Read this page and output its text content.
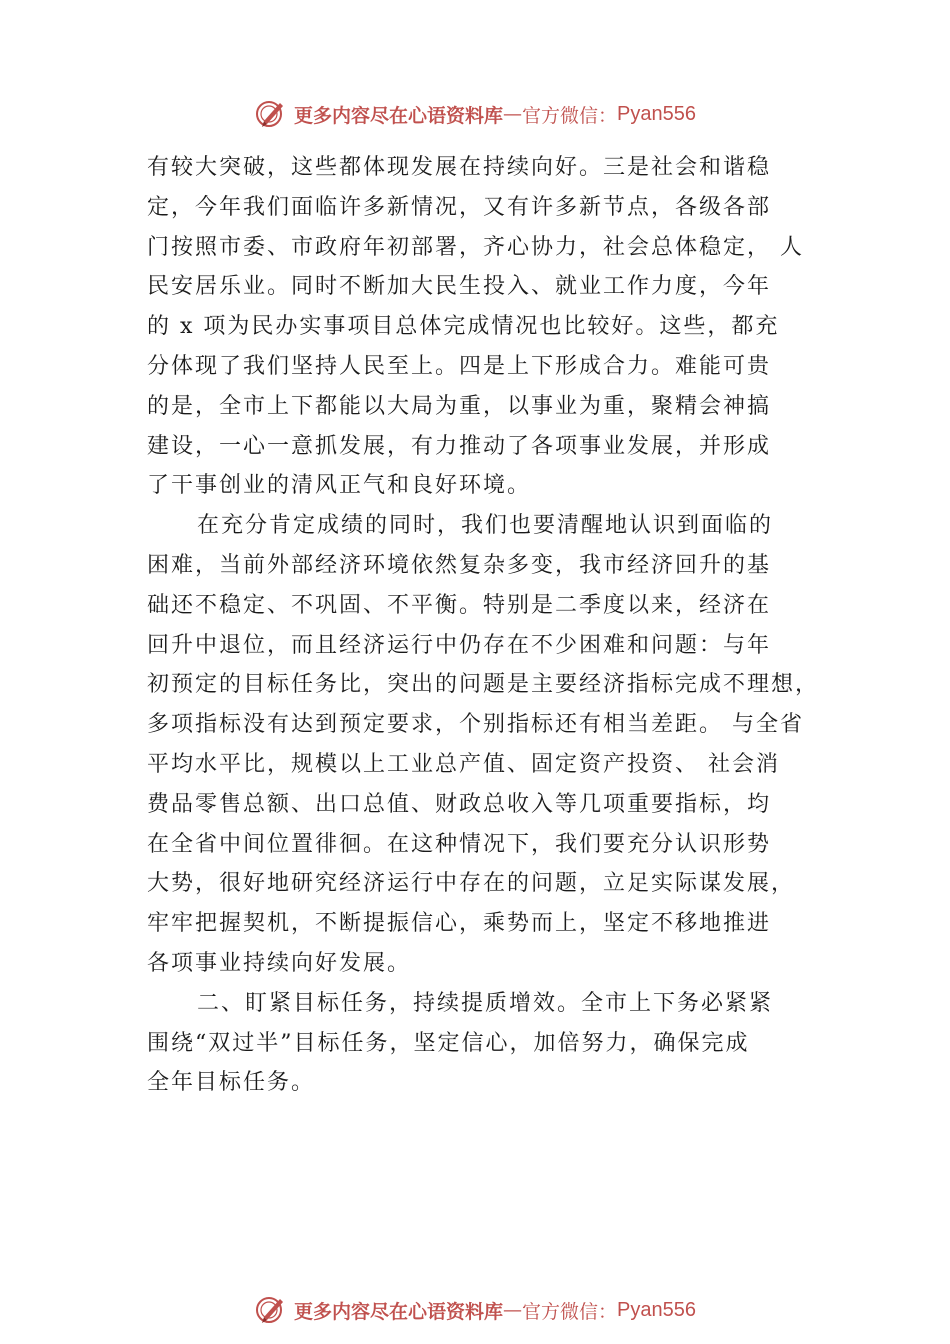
更多内容尽在心语资料库 — 官方微信： Pyan556
有较大突破，这些都体现发展在持续向好。三是社会和谐稳
定，今年我们面临许多新情况，又有许多新节点，各级各部
门按照市委、市政府年初部署，齐心协力，社会总体稳定， 人
民安居乐业。同时不断加大民生投入、就业工作力度，今年
的 x 项为民办实事项目总体完成情况也比较好。这些，都充
分体现了我们坚持人民至上。四是上下形成合力。难能可贵
的是，全市上下都能以大局为重，以事业为重，聚精会神搞
建设，一心一意抓发展，有力推动了各项事业发展，并形成
了干事创业的清风正气和良好环境。
在充分肯定成绩的同时，我们也要清醒地认识到面临的
困难，当前外部经济环境依然复杂多变，我市经济回升的基
础还不稳定、不巩固、不平衡。特别是二季度以来，经济在
回升中退位，而且经济运行中仍存在不少困难和问题：与年
初预定的目标任务比，突出的问题是主要经济指标完成不理想，
多项指标没有达到预定要求，个别指标还有相当差距。 与全省
平均水平比，规模以上工业总产值、固定资产投资、 社会消
费品零售总额、出口总值、财政总收入等几项重要指标，均
在全省中间位置徘徊。在这种情况下，我们要充分认识形势
大势，很好地研究经济运行中存在的问题，立足实际谋发展，
牢牢把握契机，不断提振信心，乘势而上，坚定不移地推进
各项事业持续向好发展。
二、盯紧目标任务，持续提质增效。全市上下务必紧紧
围绕“双过半”目标任务，坚定信心，加倍努力，确保完成
全年目标任务。
更多内容尽在心语资料库 — 官方微信： Pyan556
